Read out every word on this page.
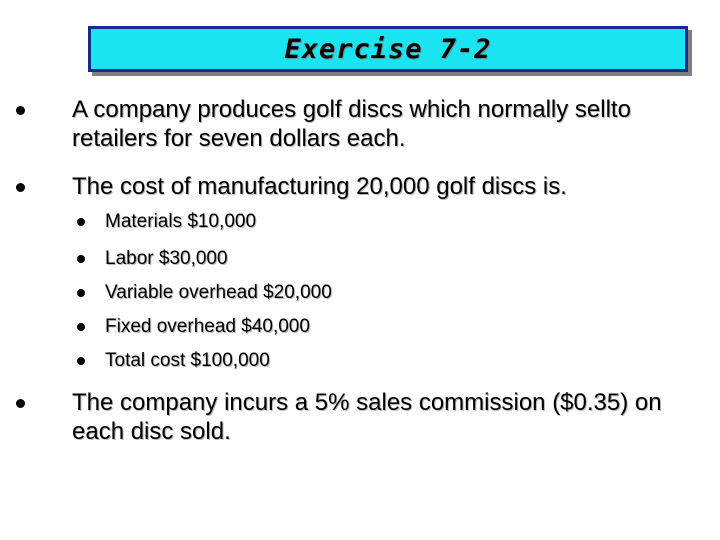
Exercise 7-2
A company produces golf discs which normally sellto retailers for seven dollars each.
The cost of manufacturing 20,000 golf discs is.
Materials $10,000
Labor $30,000
Variable overhead $20,000
Fixed overhead $40,000
Total cost $100,000
The company incurs a 5% sales commission ($0.35) on each disc sold.
